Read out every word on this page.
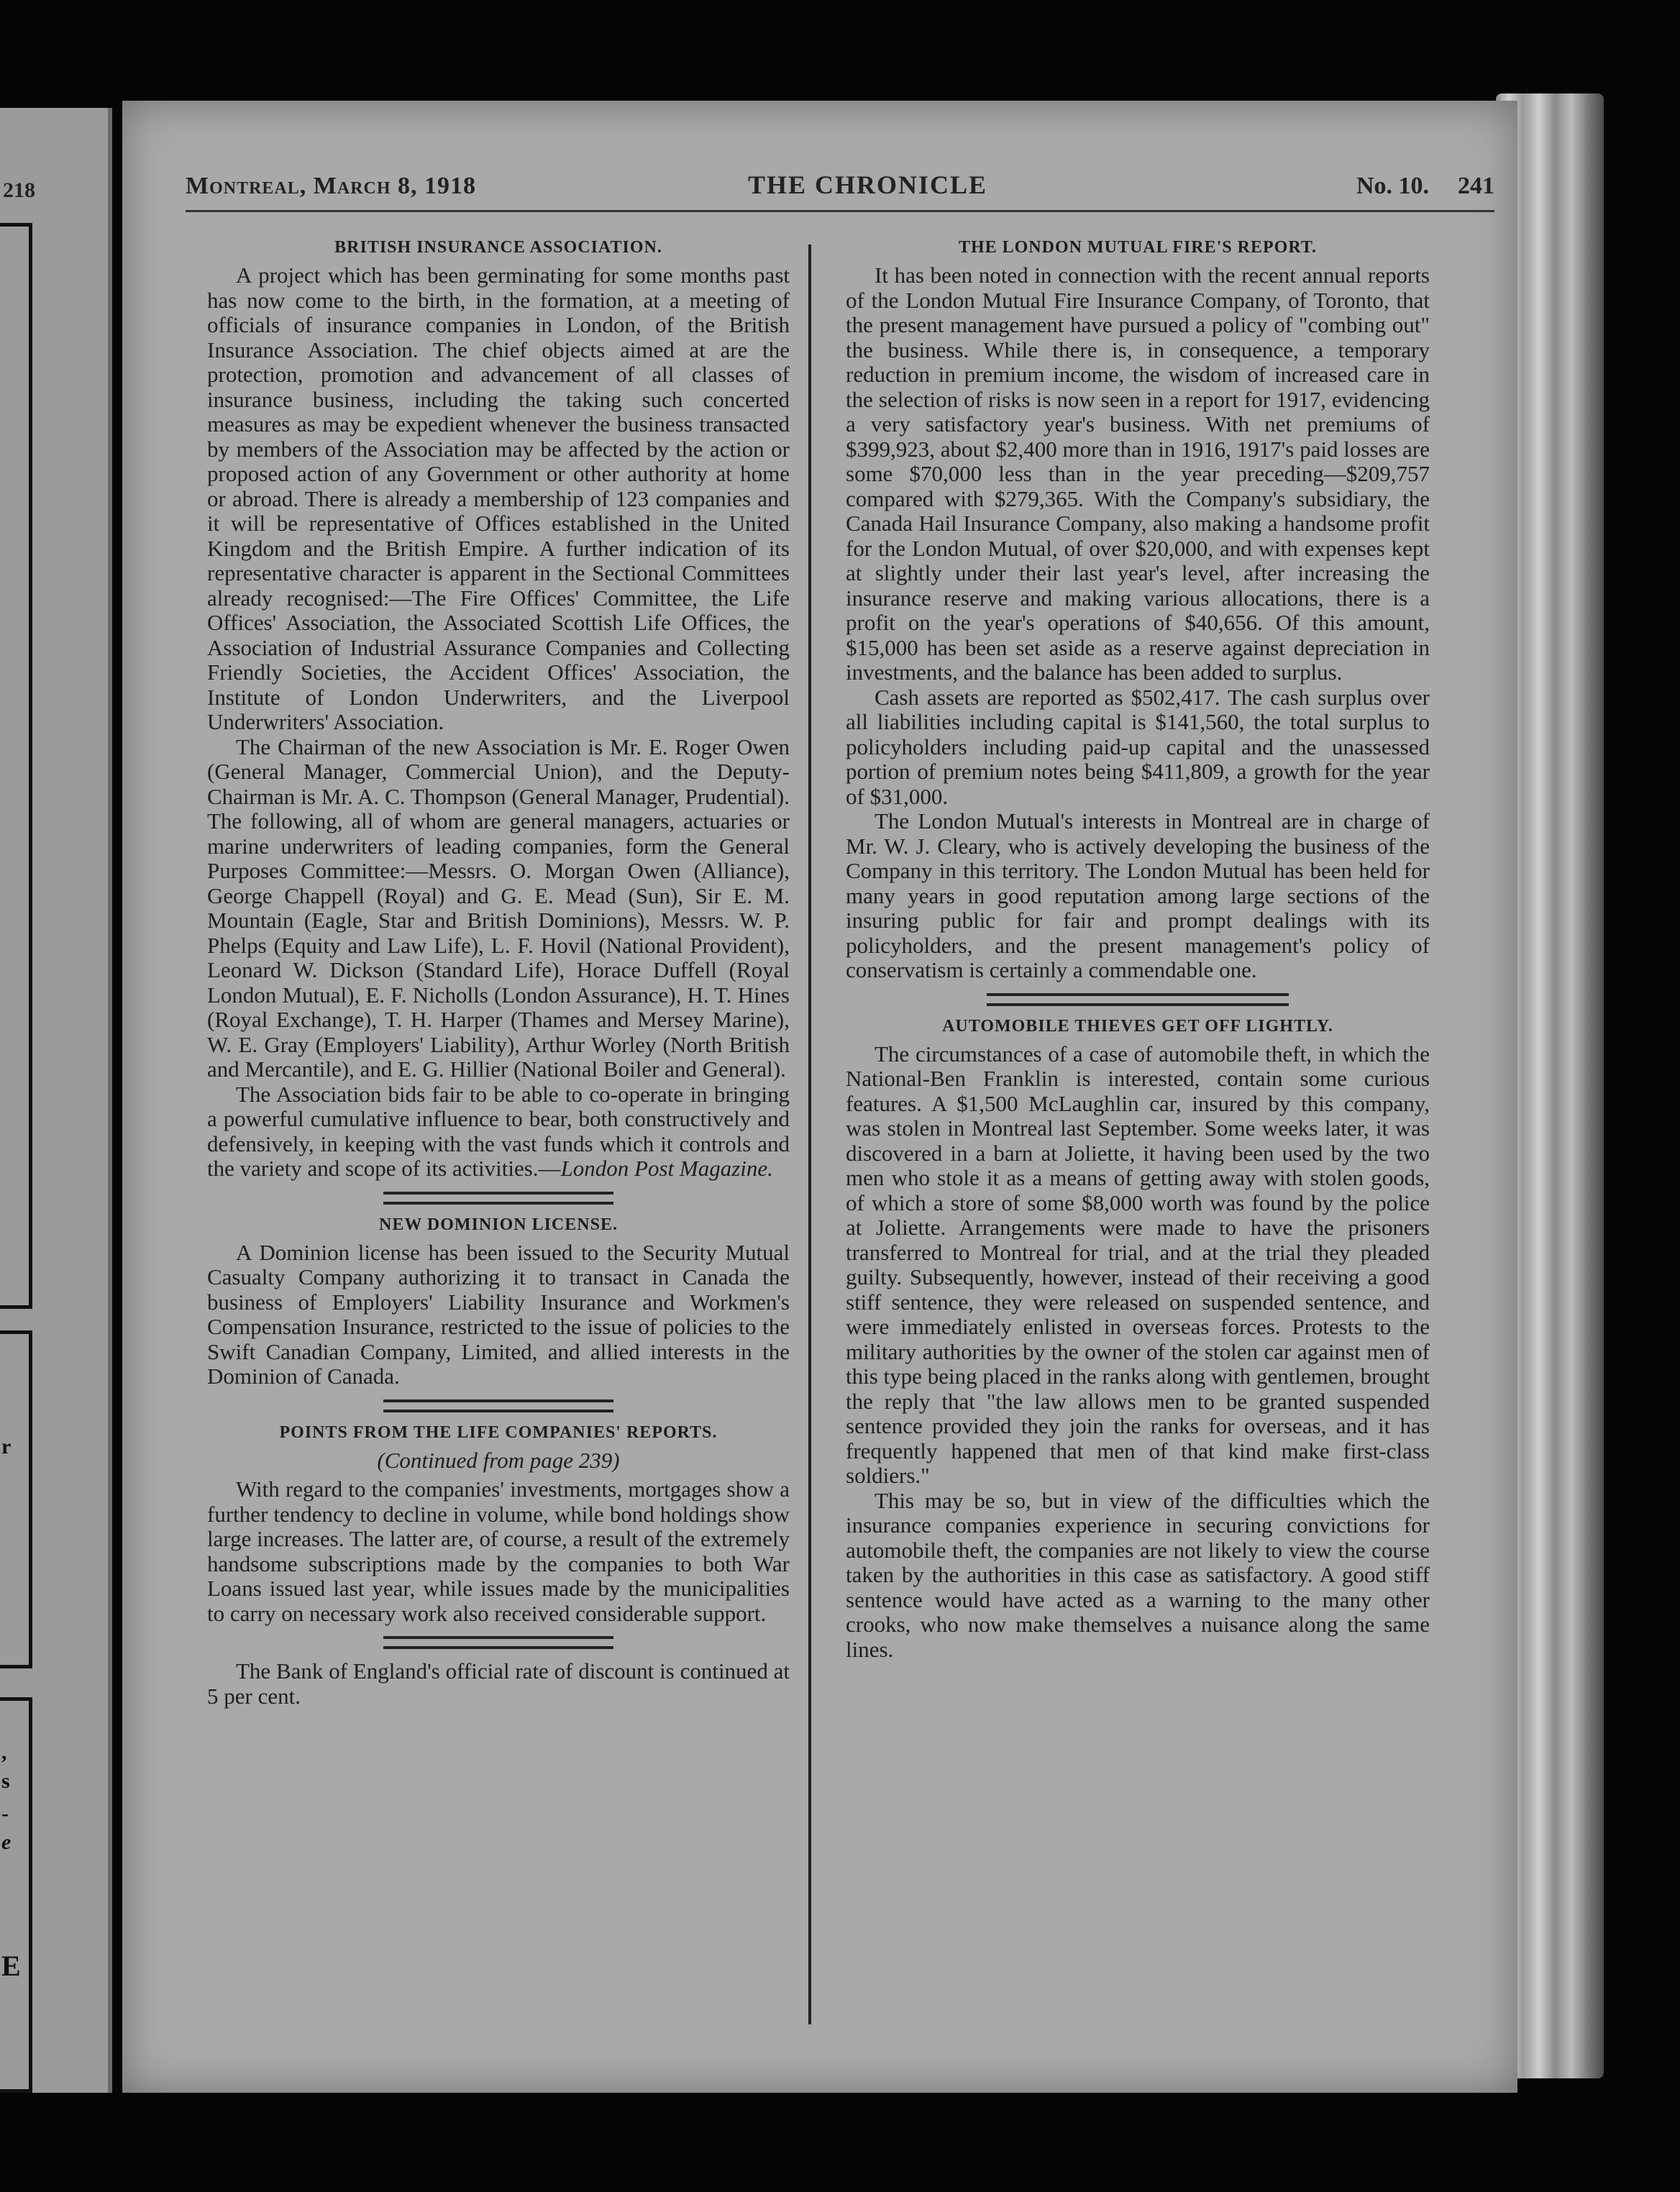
218
r
,
s
-
e
E
Montreal, March 8, 1918	THE CHRONICLE	No. 10. 241
BRITISH INSURANCE ASSOCIATION.

A project which has been germinating for some months past has now come to the birth, in the formation, at a meeting of officials of insurance companies in London, of the British Insurance Association. The chief objects aimed at are the protection, promotion and advancement of all classes of insurance business, including the taking such concerted measures as may be expedient whenever the business transacted by members of the Association may be affected by the action or proposed action of any Government or other authority at home or abroad. There is already a membership of 123 companies and it will be representative of Offices established in the United Kingdom and the British Empire. A further indication of its representative character is apparent in the Sectional Committees already recognised:—The Fire Offices' Committee, the Life Offices' Association, the Associated Scottish Life Offices, the Association of Industrial Assurance Companies and Collecting Friendly Societies, the Accident Offices' Association, the Institute of London Underwriters, and the Liverpool Underwriters' Association.

The Chairman of the new Association is Mr. E. Roger Owen (General Manager, Commercial Union), and the Deputy-Chairman is Mr. A. C. Thompson (General Manager, Prudential). The following, all of whom are general managers, actuaries or marine underwriters of leading companies, form the General Purposes Committee:—Messrs. O. Morgan Owen (Alliance), George Chappell (Royal) and G. E. Mead (Sun), Sir E. M. Mountain (Eagle, Star and British Dominions), Messrs. W. P. Phelps (Equity and Law Life), L. F. Hovil (National Provident), Leonard W. Dickson (Standard Life), Horace Duffell (Royal London Mutual), E. F. Nicholls (London Assurance), H. T. Hines (Royal Exchange), T. H. Harper (Thames and Mersey Marine), W. E. Gray (Employers' Liability), Arthur Worley (North British and Mercantile), and E. G. Hillier (National Boiler and General).

The Association bids fair to be able to co-operate in bringing a powerful cumulative influence to bear, both constructively and defensively, in keeping with the vast funds which it controls and the variety and scope of its activities.—London Post Magazine.

NEW DOMINION LICENSE.

A Dominion license has been issued to the Security Mutual Casualty Company authorizing it to transact in Canada the business of Employers' Liability Insurance and Workmen's Compensation Insurance, restricted to the issue of policies to the Swift Canadian Company, Limited, and allied interests in the Dominion of Canada.

POINTS FROM THE LIFE COMPANIES' REPORTS.

(Continued from page 239)

With regard to the companies' investments, mortgages show a further tendency to decline in volume, while bond holdings show large increases. The latter are, of course, a result of the extremely handsome subscriptions made by the companies to both War Loans issued last year, while issues made by the municipalities to carry on necessary work also received considerable support.

The Bank of England's official rate of discount is continued at 5 per cent.

THE LONDON MUTUAL FIRE'S REPORT.

It has been noted in connection with the recent annual reports of the London Mutual Fire Insurance Company, of Toronto, that the present management have pursued a policy of "combing out" the business. While there is, in consequence, a temporary reduction in premium income, the wisdom of increased care in the selection of risks is now seen in a report for 1917, evidencing a very satisfactory year's business. With net premiums of $399,923, about $2,400 more than in 1916, 1917's paid losses are some $70,000 less than in the year preceding—$209,757 compared with $279,365. With the Company's subsidiary, the Canada Hail Insurance Company, also making a handsome profit for the London Mutual, of over $20,000, and with expenses kept at slightly under their last year's level, after increasing the insurance reserve and making various allocations, there is a profit on the year's operations of $40,656. Of this amount, $15,000 has been set aside as a reserve against depreciation in investments, and the balance has been added to surplus.

Cash assets are reported as $502,417. The cash surplus over all liabilities including capital is $141,560, the total surplus to policyholders including paid-up capital and the unassessed portion of premium notes being $411,809, a growth for the year of $31,000.

The London Mutual's interests in Montreal are in charge of Mr. W. J. Cleary, who is actively developing the business of the Company in this territory. The London Mutual has been held for many years in good reputation among large sections of the insuring public for fair and prompt dealings with its policyholders, and the present management's policy of conservatism is certainly a commendable one.

AUTOMOBILE THIEVES GET OFF LIGHTLY.

The circumstances of a case of automobile theft, in which the National-Ben Franklin is interested, contain some curious features. A $1,500 McLaughlin car, insured by this company, was stolen in Montreal last September. Some weeks later, it was discovered in a barn at Joliette, it having been used by the two men who stole it as a means of getting away with stolen goods, of which a store of some $8,000 worth was found by the police at Joliette. Arrangements were made to have the prisoners transferred to Montreal for trial, and at the trial they pleaded guilty. Subsequently, however, instead of their receiving a good stiff sentence, they were released on suspended sentence, and were immediately enlisted in overseas forces. Protests to the military authorities by the owner of the stolen car against men of this type being placed in the ranks along with gentlemen, brought the reply that "the law allows men to be granted suspended sentence provided they join the ranks for overseas, and it has frequently happened that men of that kind make first-class soldiers."

This may be so, but in view of the difficulties which the insurance companies experience in securing convictions for automobile theft, the companies are not likely to view the course taken by the authorities in this case as satisfactory. A good stiff sentence would have acted as a warning to the many other crooks, who now make themselves a nuisance along the same lines.
